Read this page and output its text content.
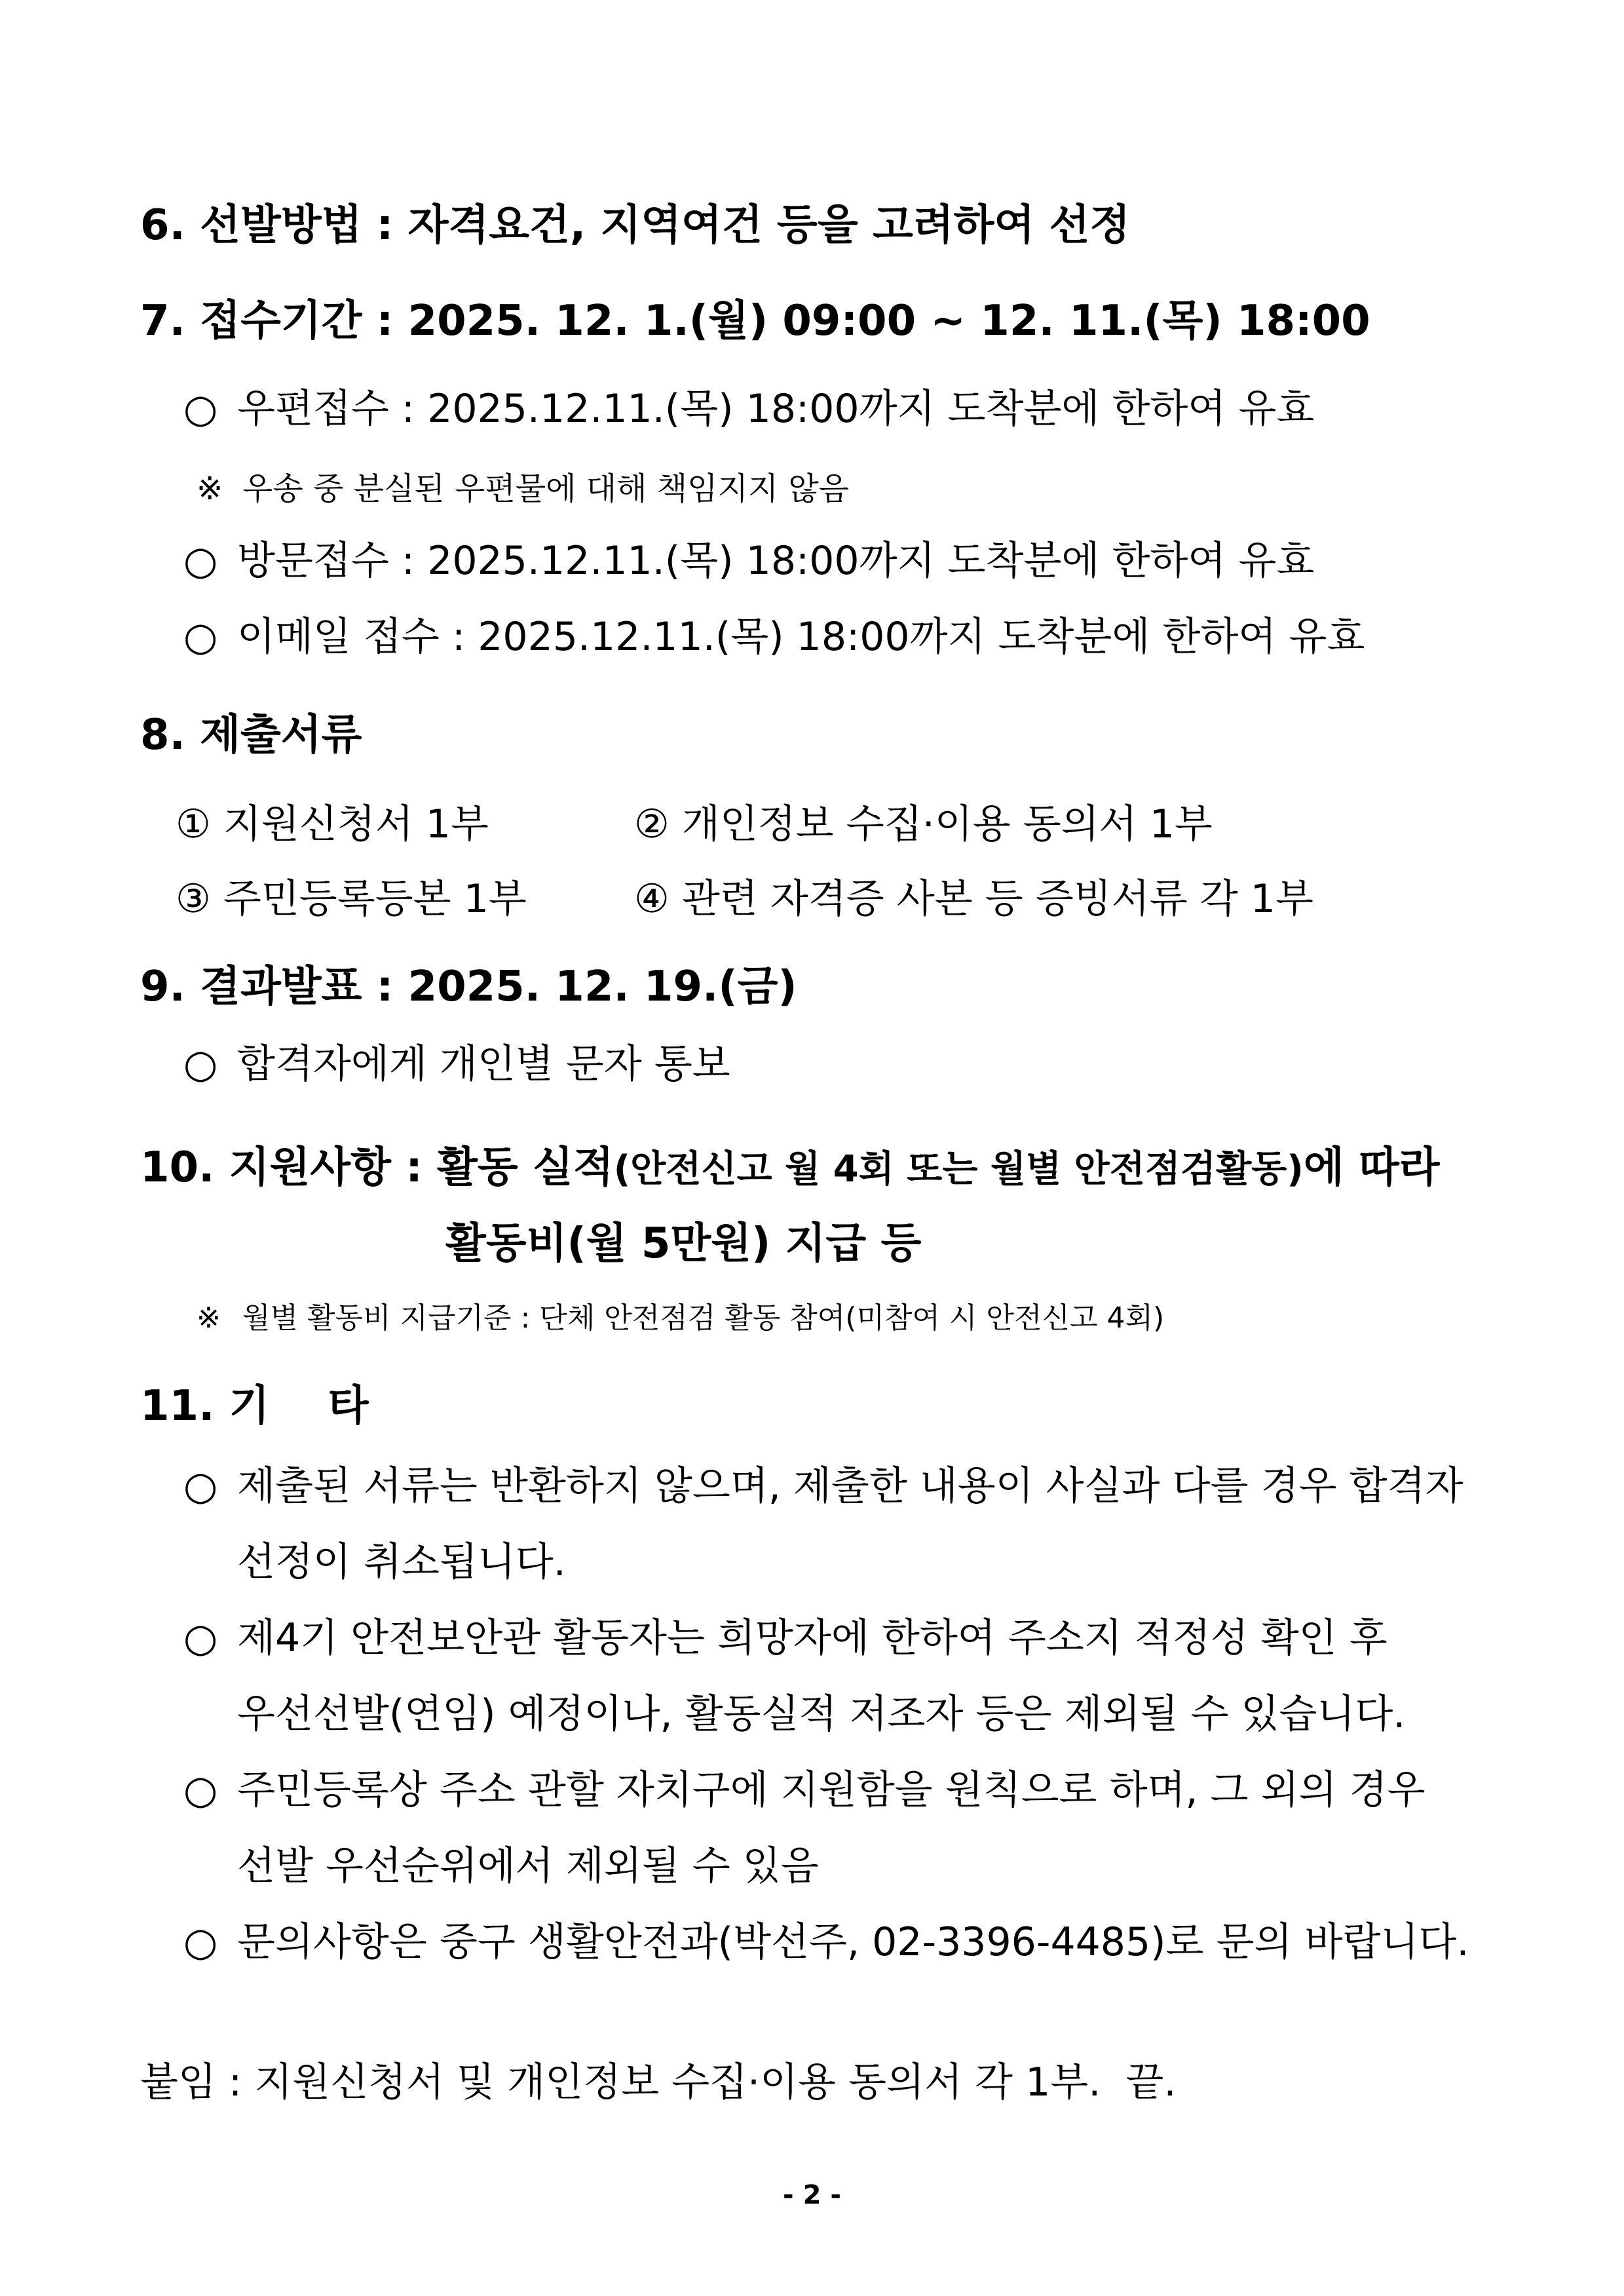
6. 선발방법 : 자격요건, 지역여건 등을 고려하여 선정
7. 접수기간 : 2025. 12. 1.(월) 09:00 ~ 12. 11.(목) 18:00
○ 우편접수 : 2025.12.11.(목) 18:00까지 도착분에 한하여 유효
※ 우송 중 분실된 우편물에 대해 책임지지 않음
○ 방문접수 : 2025.12.11.(목) 18:00까지 도착분에 한하여 유효
○ 이메일 접수 : 2025.12.11.(목) 18:00까지 도착분에 한하여 유효
8. 제출서류
① 지원신청서 1부	② 개인정보 수집·이용 동의서 1부
③ 주민등록등본 1부	④ 관련 자격증 사본 등 증빙서류 각 1부
9. 결과발표 : 2025. 12. 19.(금)
○ 합격자에게 개인별 문자 통보
10. 지원사항 : 활동 실적(안전신고 월 4회 또는 월별 안전점검활동)에 따라
활동비(월 5만원) 지급 등
※ 월별 활동비 지급기준 : 단체 안전점검 활동 참여(미참여 시 안전신고 4회)
11. 기    타
○ 제출된 서류는 반환하지 않으며, 제출한 내용이 사실과 다를 경우 합격자
선정이 취소됩니다.
○ 제4기 안전보안관 활동자는 희망자에 한하여 주소지 적정성 확인 후
우선선발(연임) 예정이나, 활동실적 저조자 등은 제외될 수 있습니다.
○ 주민등록상 주소 관할 자치구에 지원함을 원칙으로 하며, 그 외의 경우
선발 우선순위에서 제외될 수 있음
○ 문의사항은 중구 생활안전과(박선주, 02-3396-4485)로 문의 바랍니다.
붙임 : 지원신청서 및 개인정보 수집·이용 동의서 각 1부.  끝.
- 2 -
